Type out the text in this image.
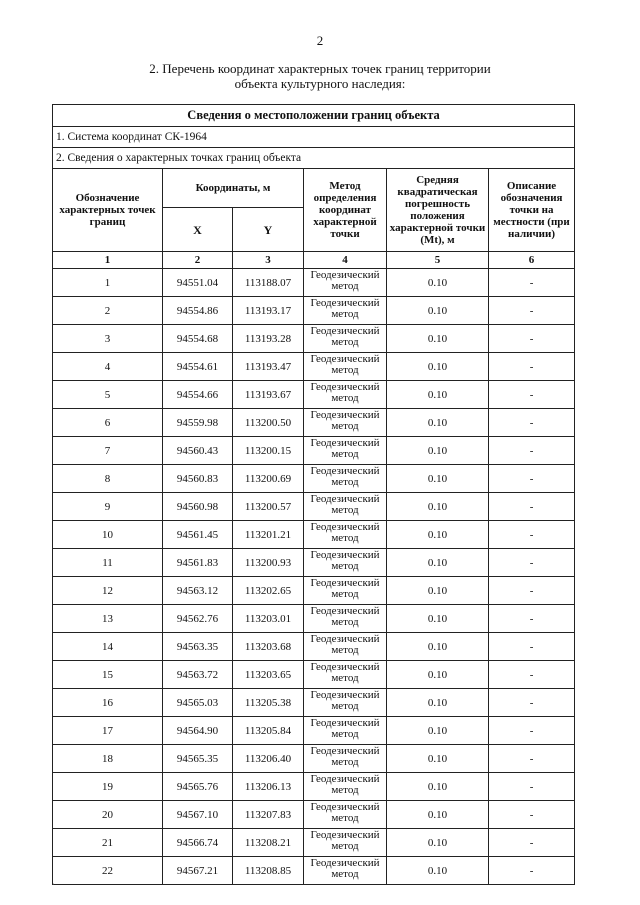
2
2. Перечень координат характерных точек границ территории
объекта культурного наследия:
Сведения о местоположении границ объекта					
1. Система координат СК-1964					
2. Сведения о характерных точках границ объекта					
Обозначение характерных точек границ	Координаты, м		Метод определения координат характерной точки	Средняя квадратическая погрешность положения характерной точки (Mt), м	Описание обозначения точки на местности (при наличии)
	X	Y			
1	2	3	4	5	6
1	94551.04	113188.07	Геодезический метод	0.10	-
2	94554.86	113193.17	Геодезический метод	0.10	-
3	94554.68	113193.28	Геодезический метод	0.10	-
4	94554.61	113193.47	Геодезический метод	0.10	-
5	94554.66	113193.67	Геодезический метод	0.10	-
6	94559.98	113200.50	Геодезический метод	0.10	-
7	94560.43	113200.15	Геодезический метод	0.10	-
8	94560.83	113200.69	Геодезический метод	0.10	-
9	94560.98	113200.57	Геодезический метод	0.10	-
10	94561.45	113201.21	Геодезический метод	0.10	-
11	94561.83	113200.93	Геодезический метод	0.10	-
12	94563.12	113202.65	Геодезический метод	0.10	-
13	94562.76	113203.01	Геодезический метод	0.10	-
14	94563.35	113203.68	Геодезический метод	0.10	-
15	94563.72	113203.65	Геодезический метод	0.10	-
16	94565.03	113205.38	Геодезический метод	0.10	-
17	94564.90	113205.84	Геодезический метод	0.10	-
18	94565.35	113206.40	Геодезический метод	0.10	-
19	94565.76	113206.13	Геодезический метод	0.10	-
20	94567.10	113207.83	Геодезический метод	0.10	-
21	94566.74	113208.21	Геодезический метод	0.10	-
22	94567.21	113208.85	Геодезический метод	0.10	-
·
